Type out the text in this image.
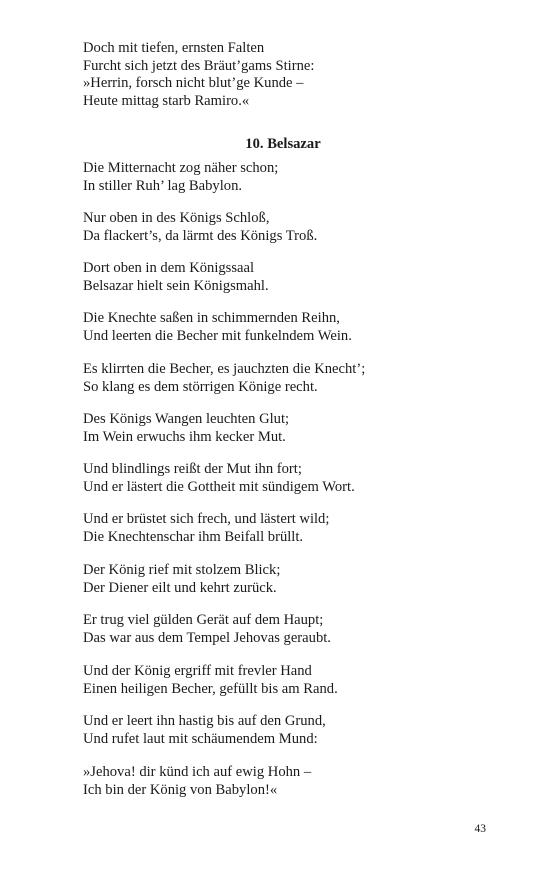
Doch mit tiefen, ernsten Falten
Furcht sich jetzt des Bräut’gams Stirne:
»Herrin, forsch nicht blut’ge Kunde –
Heute mittag starb Ramiro.«
10. Belsazar
Die Mitternacht zog näher schon;
In stiller Ruh’ lag Babylon.
Nur oben in des Königs Schloß,
Da flackert’s, da lärmt des Königs Troß.
Dort oben in dem Königssaal
Belsazar hielt sein Königsmahl.
Die Knechte saßen in schimmernden Reihn,
Und leerten die Becher mit funkelndem Wein.
Es klirrten die Becher, es jauchzten die Knecht’;
So klang es dem störrigen Könige recht.
Des Königs Wangen leuchten Glut;
Im Wein erwuchs ihm kecker Mut.
Und blindlings reißt der Mut ihn fort;
Und er lästert die Gottheit mit sündigem Wort.
Und er brüstet sich frech, und lästert wild;
Die Knechtenschar ihm Beifall brüllt.
Der König rief mit stolzem Blick;
Der Diener eilt und kehrt zurück.
Er trug viel gülden Gerät auf dem Haupt;
Das war aus dem Tempel Jehovas geraubt.
Und der König ergriff mit frevler Hand
Einen heiligen Becher, gefüllt bis am Rand.
Und er leert ihn hastig bis auf den Grund,
Und rufet laut mit schäumendem Mund:
»Jehova! dir künd ich auf ewig Hohn –
Ich bin der König von Babylon!«
43
